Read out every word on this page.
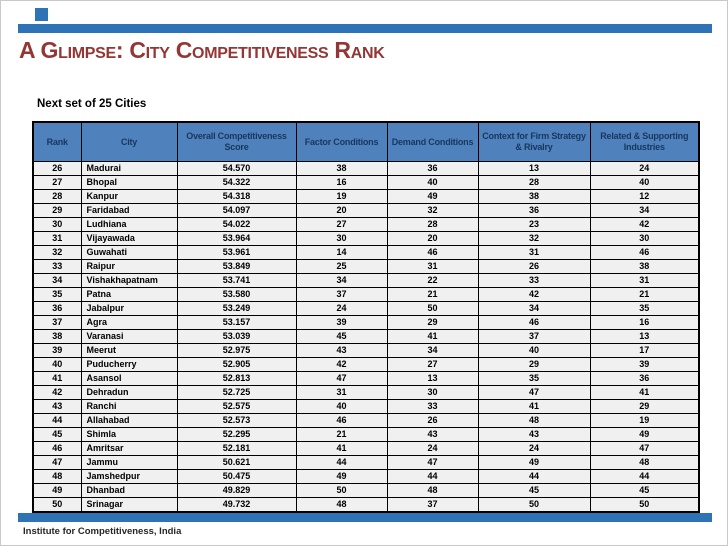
A Glimpse: City Competitiveness Rank
Next set of 25 Cities
Rank	City	Overall Competitiveness Score	Factor Conditions	Demand Conditions	Context for Firm Strategy & Rivalry	Related & Supporting Industries
26	Madurai	54.570	38	36	13	24
27	Bhopal	54.322	16	40	28	40
28	Kanpur	54.318	19	49	38	12
29	Faridabad	54.097	20	32	36	34
30	Ludhiana	54.022	27	28	23	42
31	Vijayawada	53.964	30	20	32	30
32	Guwahati	53.961	14	46	31	46
33	Raipur	53.849	25	31	26	38
34	Vishakhapatnam	53.741	34	22	33	31
35	Patna	53.580	37	21	42	21
36	Jabalpur	53.249	24	50	34	35
37	Agra	53.157	39	29	46	16
38	Varanasi	53.039	45	41	37	13
39	Meerut	52.975	43	34	40	17
40	Puducherry	52.905	42	27	29	39
41	Asansol	52.813	47	13	35	36
42	Dehradun	52.725	31	30	47	41
43	Ranchi	52.575	40	33	41	29
44	Allahabad	52.573	46	26	48	19
45	Shimla	52.295	21	43	43	49
46	Amritsar	52.181	41	24	24	47
47	Jammu	50.621	44	47	49	48
48	Jamshedpur	50.475	49	44	44	44
49	Dhanbad	49.829	50	48	45	45
50	Srinagar	49.732	48	37	50	50
Institute for Competitiveness, India
